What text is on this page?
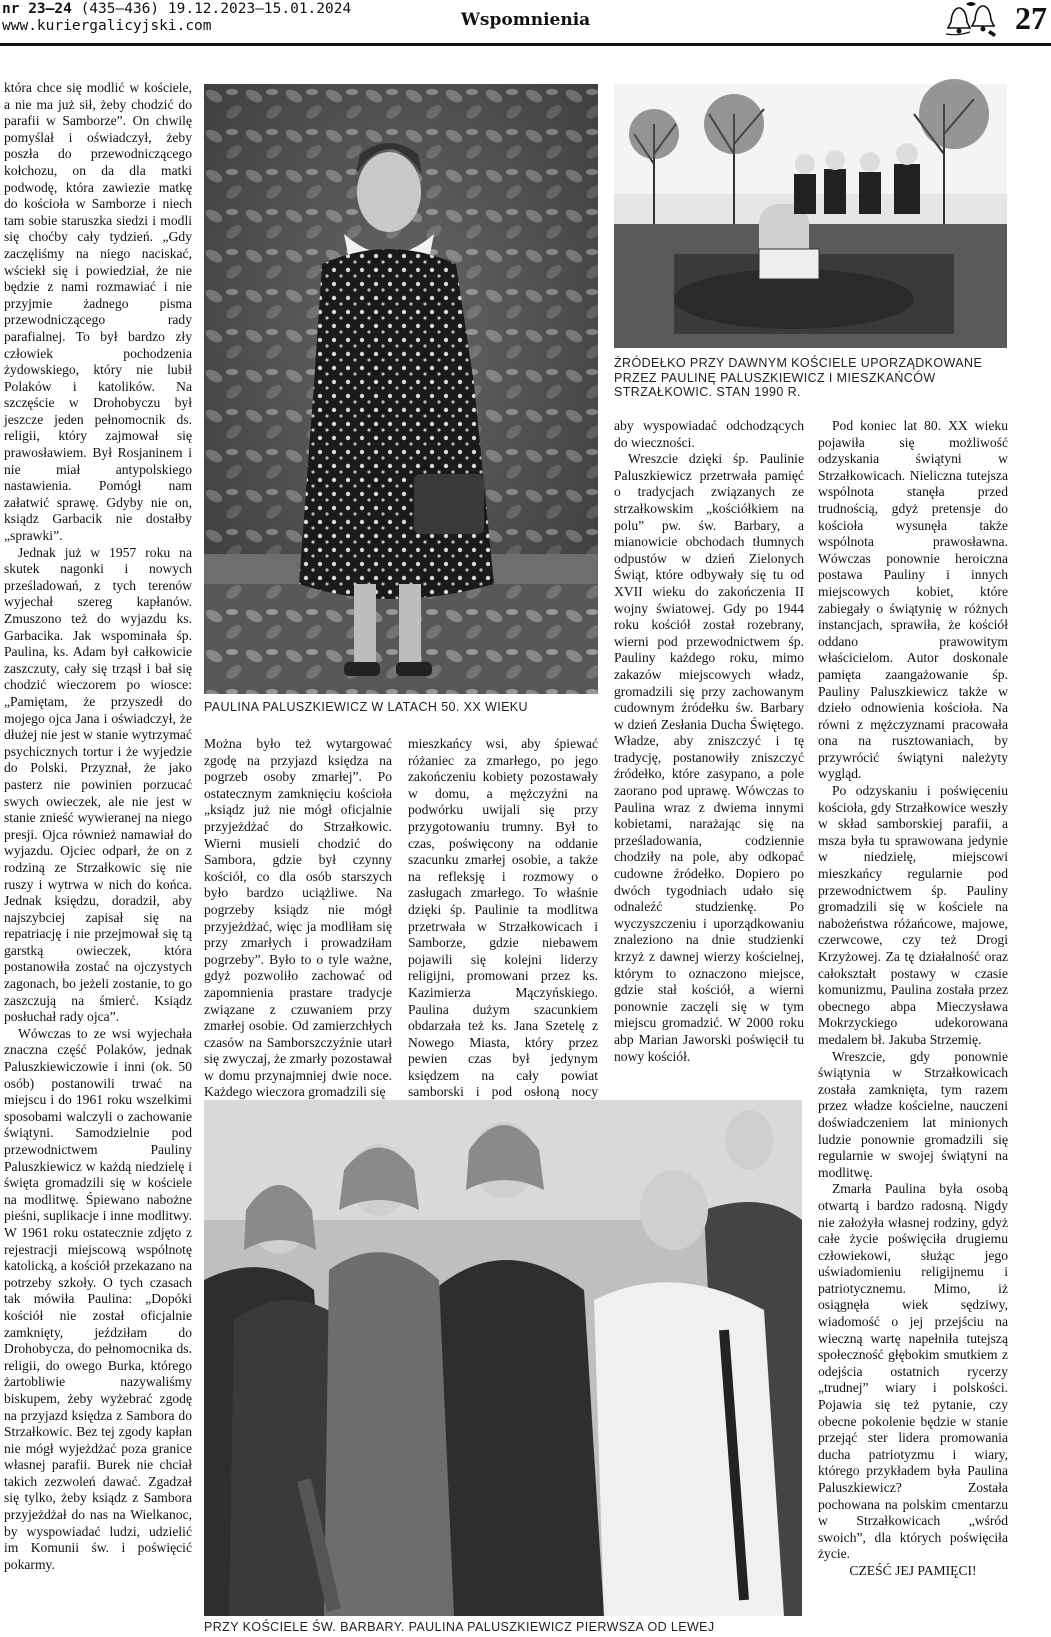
nr 23–24 (435–436) 19.12.2023–15.01.2024
www.kuriergalicyjski.com	Wspomnienia	27

która chce się modlić w kościele, a nie ma już sił, żeby chodzić do parafii w Samborze”. On chwilę pomyślał i oświadczył, żeby poszła do przewodniczącego kołchozu, on da dla matki podwodę, która zawiezie matkę do kościoła w Samborze i niech tam sobie staruszka siedzi i modli się choćby cały tydzień. „Gdy zaczęliśmy na niego naciskać, wściekł się i powiedział, że nie będzie z nami rozmawiać i nie przyjmie żadnego pisma przewodniczącego rady parafialnej. To był bardzo zły człowiek pochodzenia żydowskiego, który nie lubił Polaków i katolików. Na szczęście w Drohobyczu był jeszcze jeden pełnomocnik ds. religii, który zajmował się prawosławiem. Był Rosjaninem i nie miał antypolskiego nastawienia. Pomógł nam załatwić sprawę. Gdyby nie on, ksiądz Garbacik nie dostałby „sprawki”.

Jednak już w 1957 roku na skutek nagonki i nowych prześladowań, z tych terenów wyjechał szereg kapłanów. Zmuszono też do wyjazdu ks. Garbacika. Jak wspominała śp. Paulina, ks. Adam był całkowicie zaszczuty, cały się trząsł i bał się chodzić wieczorem po wiosce: „Pamiętam, że przyszedł do mojego ojca Jana i oświadczył, że dłużej nie jest w stanie wytrzymać psychicznych tortur i że wyjedzie do Polski. Przyznał, że jako pasterz nie powinien porzucać swych owieczek, ale nie jest w stanie znieść wywieranej na niego presji. Ojca również namawiał do wyjazdu. Ojciec odparł, że on z rodziną ze Strzałkowic się nie ruszy i wytrwa w nich do końca. Jednak księdzu, doradził, aby najszybciej zapisał się na repatriację i nie przejmował się tą garstką owieczek, która postanowiła zostać na ojczystych zagonach, bo jeżeli zostanie, to go zaszczują na śmierć. Ksiądz posłuchał rady ojca”.

Wówczas to ze wsi wyjechała znaczna część Polaków, jednak Paluszkiewiczowie i inni (ok. 50 osób) postanowili trwać na miejscu i do 1961 roku wszelkimi sposobami walczyli o zachowanie świątyni. Samodzielnie pod przewodnictwem Pauliny Paluszkiewicz w każdą niedzielę i święta gromadzili się w kościele na modlitwę. Śpiewano nabożne pieśni, suplikacje i inne modlitwy. W 1961 roku ostatecznie zdjęto z rejestracji miejscową wspólnotę katolicką, a kościół przekazano na potrzeby szkoły. O tych czasach tak mówiła Paulina: „Dopóki kościół nie został oficjalnie zamknięty, jeździłam do Drohobycza, do pełnomocnika ds. religii, do owego Burka, którego żartobliwie nazywaliśmy biskupem, żeby wyżebrać zgodę na przyjazd księdza z Sambora do Strzałkowic. Bez tej zgody kapłan nie mógł wyjeżdżać poza granice własnej parafii. Burek nie chciał takich zezwoleń dawać. Zgadzał się tylko, żeby ksiądz z Sambora przyjeżdżał do nas na Wielkanoc, by wyspowiadać ludzi, udzielić im Komunii św. i poświęcić pokarmy.

PAULINA PALUSZKIEWICZ W LATACH 50. XX WIEKU
ŹRÓDEŁKO PRZY DAWNYM KOŚCIELE UPORZĄDKOWANE PRZEZ PAULINĘ PALUSZKIEWICZ I MIESZKAŃCÓW STRZAŁKOWIC. STAN 1990 R.

Można było też wytargować zgodę na przyjazd księdza na pogrzeb osoby zmarłej”. Po ostatecznym zamknięciu kościoła „ksiądz już nie mógł oficjalnie przyjeżdżać do Strzałkowic. Wierni musieli chodzić do Sambora, gdzie był czynny kościół, co dla osób starszych było bardzo uciążliwe. Na pogrzeby ksiądz nie mógł przyjeżdżać, więc ja modliłam się przy zmarłych i prowadziłam pogrzeby”. Było to o tyle ważne, gdyż pozwoliło zachować od zapomnienia prastare tradycje związane z czuwaniem przy zmarłej osobie. Od zamierzchłych czasów na Samborszczyźnie utarł się zwyczaj, że zmarły pozostawał w domu przynajmniej dwie noce. Każdego wieczora gromadzili się

mieszkańcy wsi, aby śpiewać różaniec za zmarłego, po jego zakończeniu kobiety pozostawały w domu, a mężczyźni na podwórku uwijali się przy przygotowaniu trumny. Był to czas, poświęcony na oddanie szacunku zmarłej osobie, a także na refleksję i rozmowy o zasługach zmarłego. To właśnie dzięki śp. Paulinie ta modlitwa przetrwała w Strzałkowicach i Samborze, gdzie niebawem pojawili się kolejni liderzy religijni, promowani przez ks. Kazimierza Mączyńskiego. Paulina dużym szacunkiem obdarzała też ks. Jana Szetelę z Nowego Miasta, który przez pewien czas był jedynym księdzem na cały powiat samborski i pod osłoną nocy

aby wyspowiadać odchodzących do wieczności.

Wreszcie dzięki śp. Paulinie Paluszkiewicz przetrwała pamięć o tradycjach związanych ze strzałkowskim „kościółkiem na polu” pw. św. Barbary, a mianowicie obchodach tłumnych odpustów w dzień Zielonych Świąt, które odbywały się tu od XVII wieku do zakończenia II wojny światowej. Gdy po 1944 roku kościół został rozebrany, wierni pod przewodnictwem śp. Pauliny każdego roku, mimo zakazów miejscowych władz, gromadzili się przy zachowanym cudownym źródełku św. Barbary w dzień Zesłania Ducha Świętego. Władze, aby zniszczyć i tę tradycję, postanowiły zniszczyć źródełko, które zasypano, a pole zaorano pod uprawę. Wówczas to Paulina wraz z dwiema innymi kobietami, narażając się na prześladowania, codziennie chodziły na pole, aby odkopać cudowne źródełko. Dopiero po dwóch tygodniach udało się odnaleźć studzienkę. Po wyczyszczeniu i uporządkowaniu znaleziono na dnie studzienki krzyż z dawnej wierzy kościelnej, którym to oznaczono miejsce, gdzie stał kościół, a wierni ponownie zaczęli się w tym miejscu gromadzić. W 2000 roku abp Marian Jaworski poświęcił tu nowy kościół.

Pod koniec lat 80. XX wieku pojawiła się możliwość odzyskania świątyni w Strzałkowicach. Nieliczna tutejsza wspólnota stanęła przed trudnością, gdyż pretensje do kościoła wysunęła także wspólnota prawosławna. Wówczas ponownie heroiczna postawa Pauliny i innych miejscowych kobiet, które zabiegały o świątynię w różnych instancjach, sprawiła, że kościół oddano prawowitym właścicielom. Autor doskonale pamięta zaangażowanie śp. Pauliny Paluszkiewicz także w dzieło odnowienia kościoła. Na równi z mężczyznami pracowała ona na rusztowaniach, by przywrócić świątyni należyty wygląd.

Po odzyskaniu i poświęceniu kościoła, gdy Strzałkowice weszły w skład samborskiej parafii, a msza była tu sprawowana jedynie w niedzielę, miejscowi mieszkańcy regularnie pod przewodnictwem śp. Pauliny gromadzili się w kościele na nabożeństwa różańcowe, majowe, czerwcowe, czy też Drogi Krzyżowej. Za tę działalność oraz całokształt postawy w czasie komunizmu, Paulina została przez obecnego abpa Mieczysława Mokrzyckiego udekorowana medalem bł. Jakuba Strzemię.

Wreszcie, gdy ponownie świątynia w Strzałkowicach została zamknięta, tym razem przez władze kościelne, nauczeni doświadczeniem lat minionych ludzie ponownie gromadzili się regularnie w swojej świątyni na modlitwę.

Zmarła Paulina była osobą otwartą i bardzo radosną. Nigdy nie założyła własnej rodziny, gdyż całe życie poświęciła drugiemu człowiekowi, służąc jego uświadomieniu religijnemu i patriotycznemu. Mimo, iż osiągnęła wiek sędziwy, wiadomość o jej przejściu na wieczną wartę napełniła tutejszą społeczność głębokim smutkiem z odejścia ostatnich rycerzy „trudnej” wiary i polskości. Pojawia się też pytanie, czy obecne pokolenie będzie w stanie przejąć ster lidera promowania ducha patriotyzmu i wiary, którego przykładem była Paulina Paluszkiewicz? Została pochowana na polskim cmentarzu w Strzałkowicach „wśród swoich”, dla których poświęciła życie.

CZEŚĆ JEJ PAMIĘCI!

PRZY KOŚCIELE ŚW. BARBARY. PAULINA PALUSZKIEWICZ PIERWSZA OD LEWEJ
